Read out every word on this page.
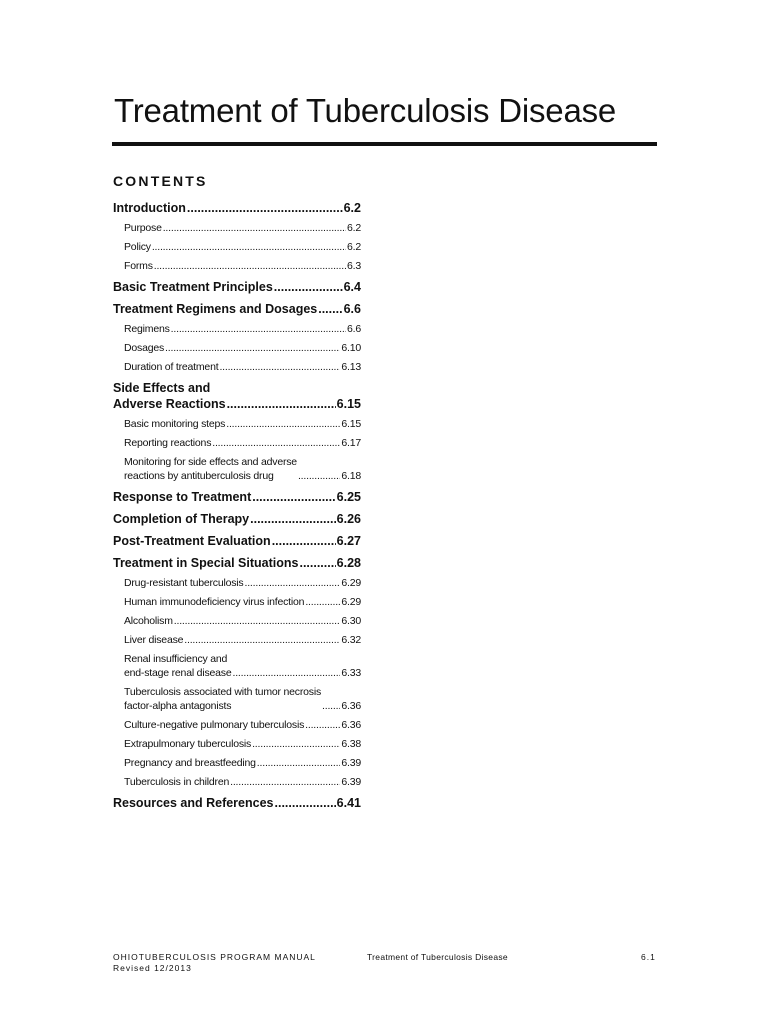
Treatment of Tuberculosis Disease
CONTENTS
Introduction .....	6.2
Purpose .....	6.2
Policy .....	6.2
Forms .....	6.3
Basic Treatment Principles .....	6.4
Treatment Regimens and Dosages ..... 6.6
Regimens .....	6.6
Dosages .....	6.10
Duration of treatment .....	6.13
Side Effects and
Adverse Reactions .....	6.15
Basic monitoring steps .....	6.15
Reporting reactions .....	6.17
Monitoring for side effects and adverse
reactions by antituberculosis drug .....	6.18
Response to Treatment .....	6.25
Completion of Therapy .....	6.26
Post-Treatment Evaluation .....	6.27
Treatment in Special Situations .....	6.28
Drug-resistant tuberculosis .....	6.29
Human immunodeficiency virus infection .....	6.29
Alcoholism .....	6.30
Liver disease .....	6.32
Renal insufficiency and
end-stage renal disease .....	6.33
Tuberculosis associated with tumor necrosis
factor-alpha antagonists .....	6.36
Culture-negative pulmonary tuberculosis .....	6.36
Extrapulmonary tuberculosis .....	6.38
Pregnancy and breastfeeding .....	6.39
Tuberculosis in children .....	6.39
Resources and References .....	6.41
OHIOTUBERCULOSIS PROGRAM MANUAL
Revised 12/2013
Treatment of Tuberculosis Disease	6.1
